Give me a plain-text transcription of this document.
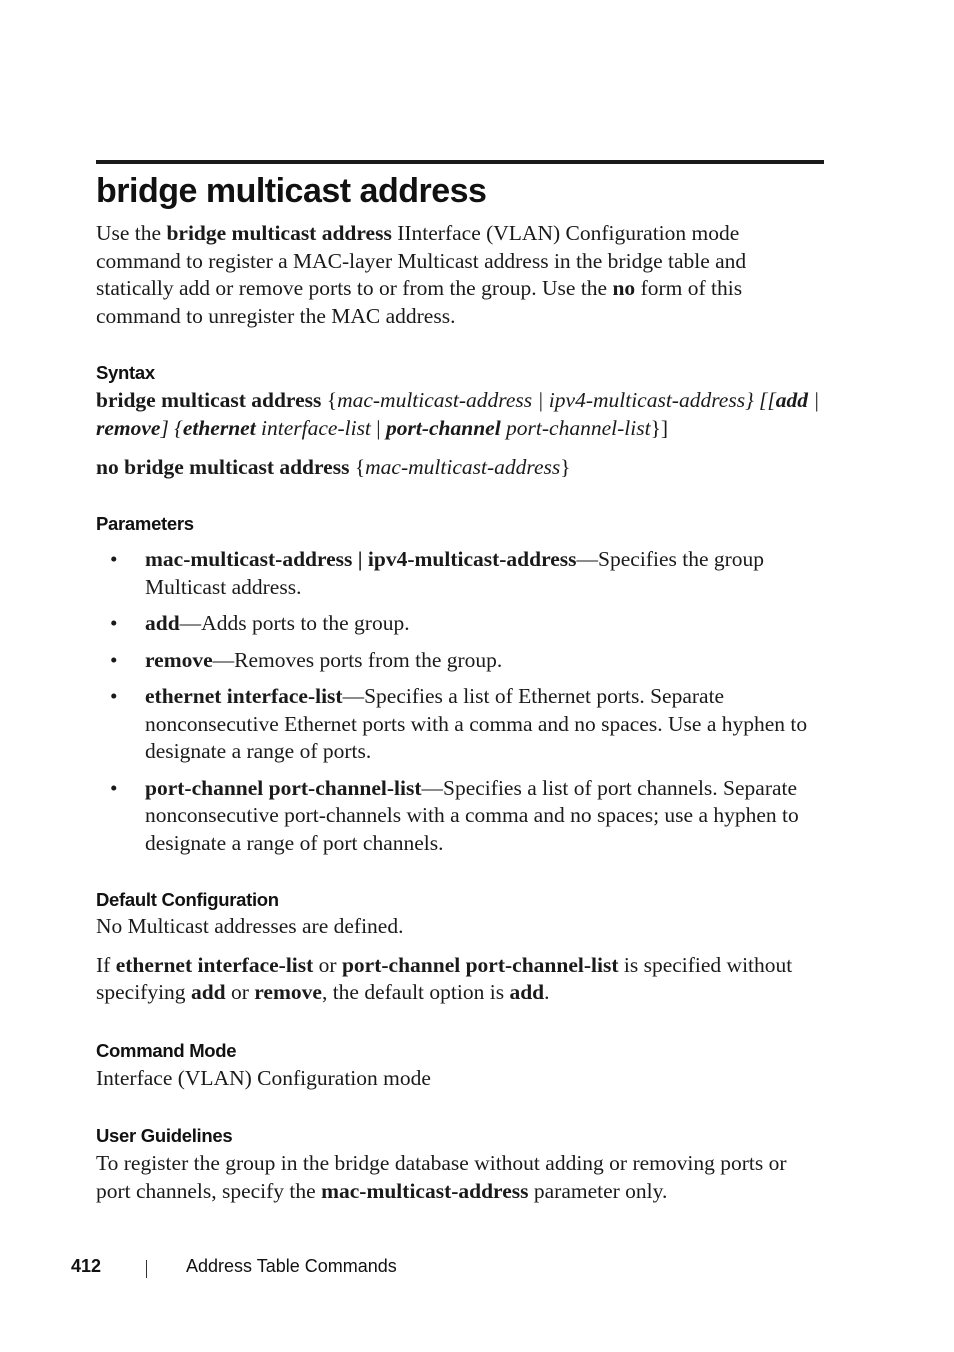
bridge multicast address

Use the bridge multicast address IInterface (VLAN) Configuration mode command to register a MAC-layer Multicast address in the bridge table and statically add or remove ports to or from the group. Use the no form of this command to unregister the MAC address.

Syntax

bridge multicast address {mac-multicast-address | ipv4-multicast-address} [[add | remove] {ethernet interface-list | port-channel port-channel-list}]

no bridge multicast address {mac-multicast-address}

Parameters
• mac-multicast-address | ipv4-multicast-address—Specifies the group Multicast address.
• add—Adds ports to the group.
• remove—Removes ports from the group.
• ethernet interface-list—Specifies a list of Ethernet ports. Separate nonconsecutive Ethernet ports with a comma and no spaces. Use a hyphen to designate a range of ports.
• port-channel port-channel-list—Specifies a list of port channels. Separate nonconsecutive port-channels with a comma and no spaces; use a hyphen to designate a range of port channels.
Default Configuration

No Multicast addresses are defined.

If ethernet interface-list or port-channel port-channel-list is specified without specifying add or remove, the default option is add.

Command Mode

Interface (VLAN) Configuration mode

User Guidelines

To register the group in the bridge database without adding or removing ports or port channels, specify the mac-multicast-address parameter only.

412	Address Table Commands
